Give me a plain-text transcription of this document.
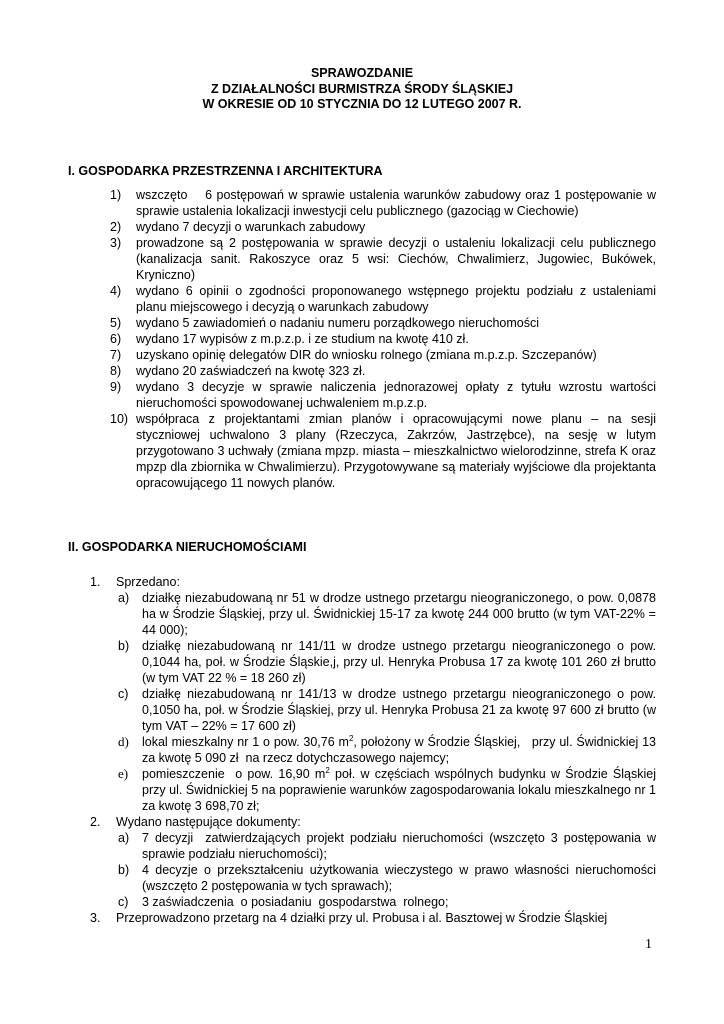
SPRAWOZDANIE
Z DZIAŁALNOŚCI BURMISTRZA ŚRODY ŚLĄSKIEJ
W OKRESIE OD 10 STYCZNIA DO 12 LUTEGO 2007 R.
I. GOSPODARKA PRZESTRZENNA I ARCHITEKTURA
1) wszczęto    6 postępowań w sprawie ustalenia warunków zabudowy oraz 1 postępowanie w sprawie ustalenia lokalizacji inwestycji celu publicznego (gazociąg w Ciechowie)
2) wydano 7 decyzji o warunkach zabudowy
3) prowadzone są 2 postępowania w sprawie decyzji o ustaleniu lokalizacji celu publicznego (kanalizacja sanit. Rakoszyce oraz 5 wsi: Ciechów, Chwalimierz, Jugowiec, Bukówek, Kryniczno)
4) wydano 6 opinii o zgodności proponowanego wstępnego projektu podziału z ustaleniami planu miejscowego i decyzją o warunkach zabudowy
5) wydano 5 zawiadomień o nadaniu numeru porządkowego nieruchomości
6) wydano 17 wypisów z m.p.z.p. i ze studium na kwotę 410 zł.
7) uzyskano opinię delegatów DIR do wniosku rolnego (zmiana m.p.z.p. Szczepanów)
8) wydano 20 zaświadczeń na kwotę 323 zł.
9) wydano 3 decyzje w sprawie naliczenia jednorazowej opłaty z tytułu wzrostu wartości nieruchomości spowodowanej uchwaleniem m.p.z.p.
10) współpraca z projektantami zmian planów i opracowującymi nowe planu – na sesji styczniowej uchwalono 3 plany (Rzeczyca, Zakrzów, Jastrzębce), na sesję w lutym przygotowano 3 uchwały (zmiana mpzp. miasta – mieszkalnictwo wielorodzinne, strefa K oraz mpzp dla zbiornika w Chwalimierzu). Przygotowywane są materiały wyjściowe dla projektanta opracowującego 11 nowych planów.
II. GOSPODARKA NIERUCHOMOŚCIAMI
1. Sprzedano:
a) działkę niezabudowaną nr 51 w drodze ustnego przetargu nieograniczonego, o pow. 0,0878 ha w Środzie Śląskiej, przy ul. Świdnickiej 15-17 za kwotę 244 000 brutto (w tym VAT-22% = 44 000);
b) działkę niezabudowaną nr 141/11 w drodze ustnego przetargu nieograniczonego o pow. 0,1044 ha, poł. w Środzie Śląskie,j, przy ul. Henryka Probusa 17 za kwotę 101 260 zł brutto (w tym VAT 22 % = 18 260 zł)
c) działkę niezabudowaną nr 141/13 w drodze ustnego przetargu nieograniczonego o pow. 0,1050 ha, poł. w Środzie Śląskiej, przy ul. Henryka Probusa 21 za kwotę 97 600 zł brutto (w tym VAT – 22% = 17 600 zł)
d) lokal mieszkalny nr 1 o pow. 30,76 $m^2$, położony w Środzie Śląskiej,   przy ul. Świdnickiej 13 za kwotę 5 090 zł  na rzecz dotychczasowego najemcy;
e) pomieszczenie  o pow. 16,90 $m^2$ poł. w częściach wspólnych budynku w Środzie Śląskiej przy ul. Świdnickiej 5 na poprawienie warunków zagospodarowania lokalu mieszkalnego nr 1 za kwotę 3 698,70 zł;
2. Wydano następujące dokumenty:
a) 7 decyzji  zatwierdzających projekt podziału nieruchomości (wszczęto 3 postępowania w sprawie podziału nieruchomości);
b) 4 decyzje o przekształceniu użytkowania wieczystego w prawo własności nieruchomości (wszczęto 2 postępowania w tych sprawach);
c) 3 zaświadczenia  o posiadaniu  gospodarstwa  rolnego;
3. Przeprowadzono przetarg na 4 działki przy ul. Probusa i al. Basztowej w Środzie Śląskiej
1
